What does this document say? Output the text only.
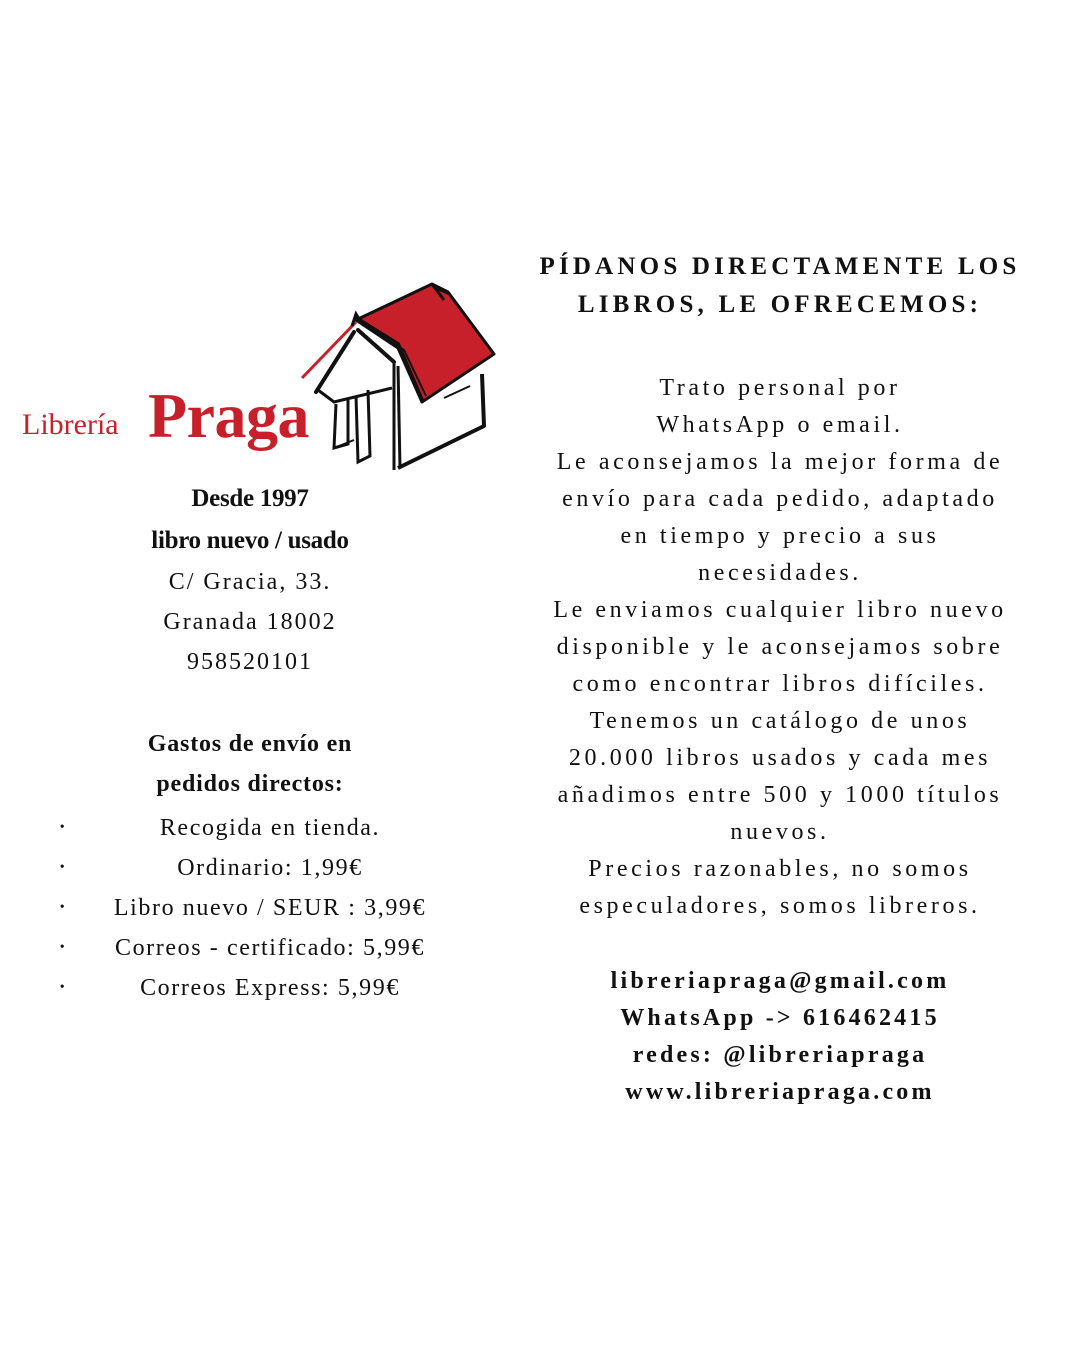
Librería Praga
Desde 1997
libro nuevo / usado
C/ Gracia, 33.
Granada 18002
958520101
Gastos de envío en
pedidos directos:
•	Recogida en tienda.
•	Ordinario: 1,99€
• Libro nuevo / SEUR : 3,99€
• Correos - certificado: 5,99€
•	Correos Express: 5,99€
PÍDANOS DIRECTAMENTE LOS
LIBROS, LE OFRECEMOS:
Trato personal por
WhatsApp o email.
Le aconsejamos la mejor forma de
envío para cada pedido, adaptado
en tiempo y precio a sus
necesidades.
Le enviamos cualquier libro nuevo
disponible y le aconsejamos sobre
como encontrar libros difíciles.
Tenemos un catálogo de unos
20.000 libros usados y cada mes
añadimos entre 500 y 1000 títulos
nuevos.
Precios razonables, no somos
especuladores, somos libreros.
libreriapraga@gmail.com
WhatsApp -> 616462415
redes: @libreriapraga
www.libreriapraga.com
